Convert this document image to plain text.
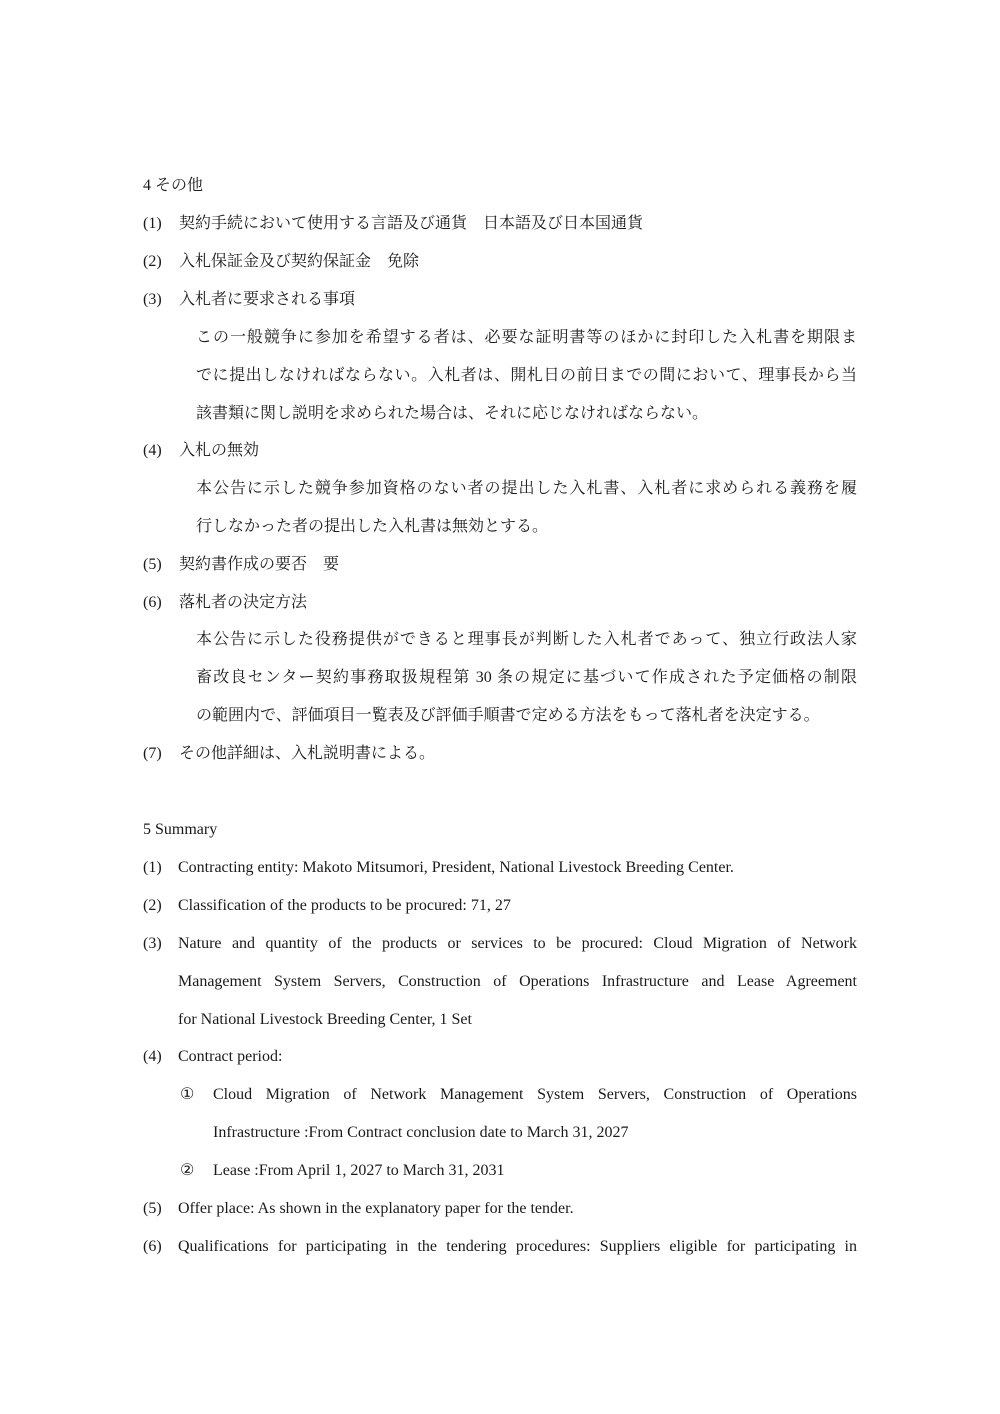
4 その他
(1) 契約手続において使用する言語及び通貨　日本語及び日本国通貨
(2) 入札保証金及び契約保証金　免除
(3) 入札者に要求される事項
この一般競争に参加を希望する者は、必要な証明書等のほかに封印した入札書を期限ま
でに提出しなければならない。入札者は、開札日の前日までの間において、理事長から当
該書類に関し説明を求められた場合は、それに応じなければならない。
(4) 入札の無効
本公告に示した競争参加資格のない者の提出した入札書、入札者に求められる義務を履
行しなかった者の提出した入札書は無効とする。
(5) 契約書作成の要否　要
(6) 落札者の決定方法
本公告に示した役務提供ができると理事長が判断した入札者であって、独立行政法人家
畜改良センター契約事務取扱規程第 30 条の規定に基づいて作成された予定価格の制限
の範囲内で、評価項目一覧表及び評価手順書で定める方法をもって落札者を決定する。
(7) その他詳細は、入札説明書による。
5 Summary
(1) Contracting entity: Makoto Mitsumori, President, National Livestock Breeding Center.
(2) Classification of the products to be procured: 71, 27
(3) Nature and quantity of the products or services to be procured: Cloud Migration of Network
Management System Servers, Construction of Operations Infrastructure and Lease Agreement
for National Livestock Breeding Center, 1 Set
(4) Contract period:
① Cloud Migration of Network Management System Servers, Construction of Operations
Infrastructure :From Contract conclusion date to March 31, 2027
② Lease :From April 1, 2027 to March 31, 2031
(5) Offer place: As shown in the explanatory paper for the tender.
(6) Qualifications for participating in the tendering procedures: Suppliers eligible for participating in
